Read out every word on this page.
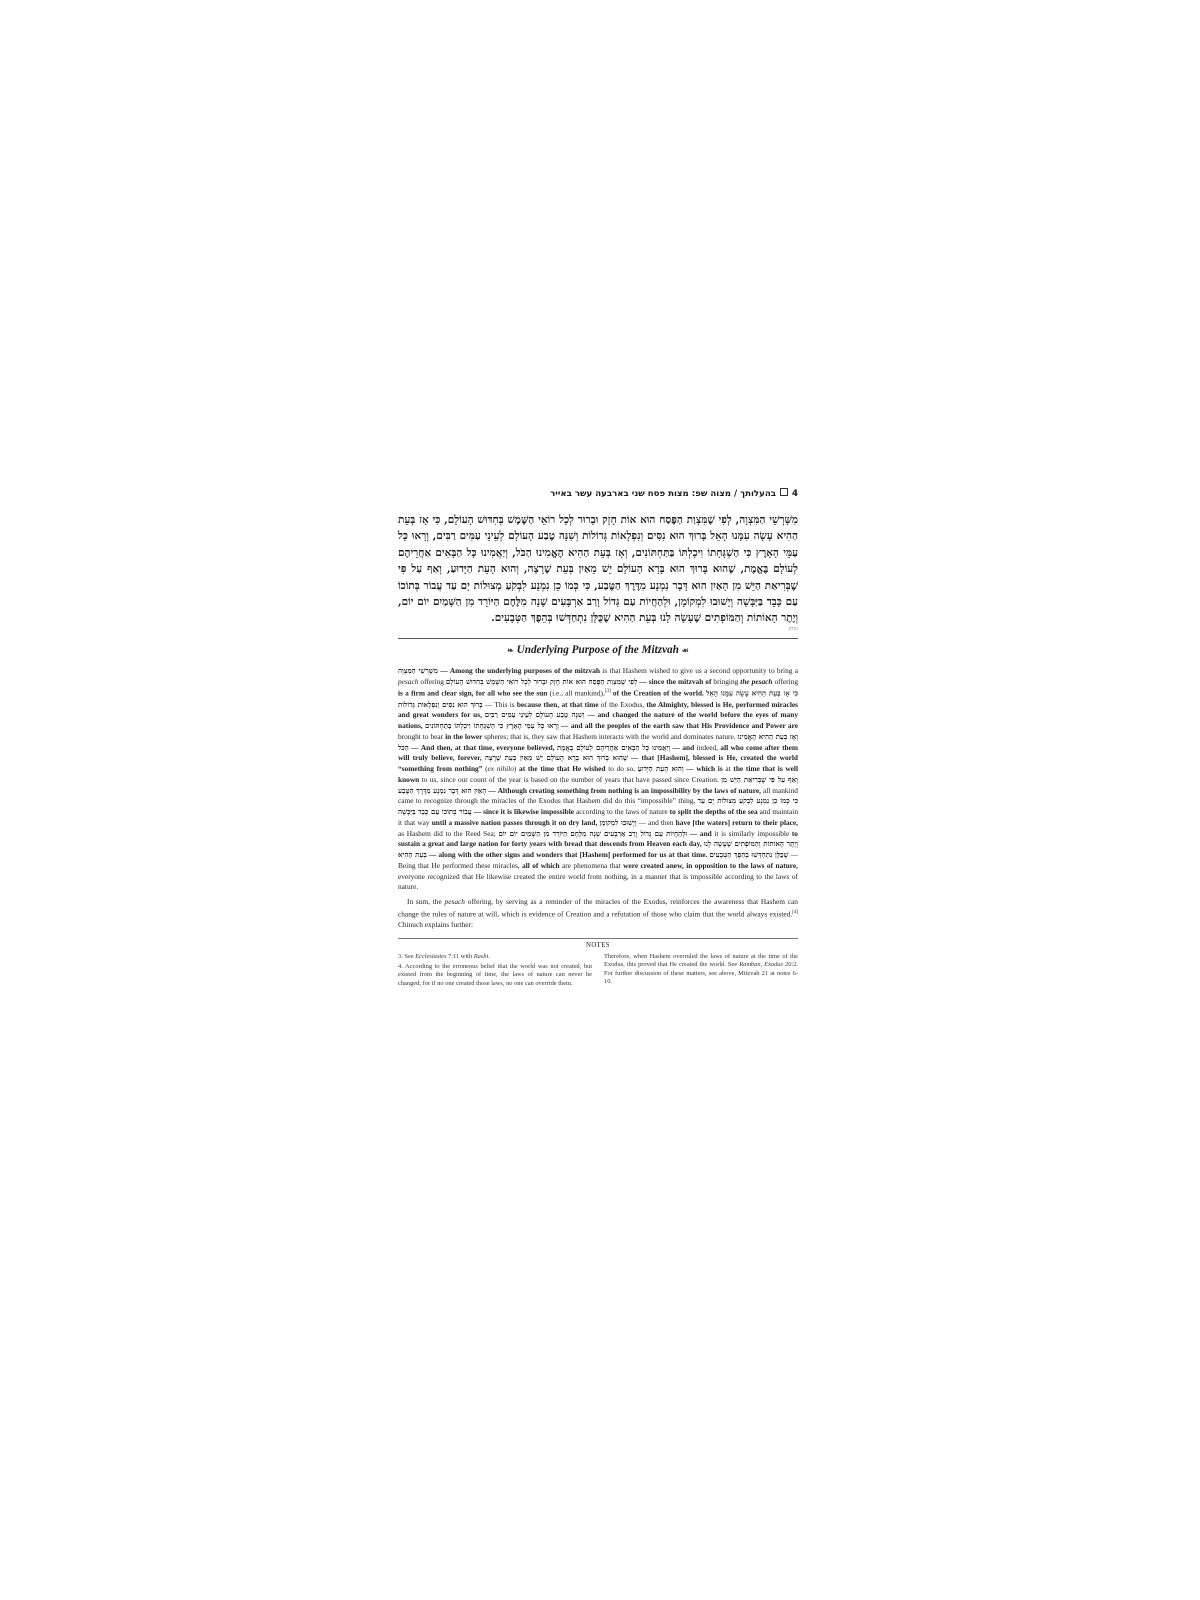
4בהעלותך / מצוה שפ: מצות פסח שני בארבעה עשר באייר
מִשָּׁרְשֵׁי הַמִּצְוָה, לְפִי שֶׁמִּצְוַת הַפֶּסַח הוּא אוֹת חָזָק וּבָרוּר לְכָל רוֹאֵי הַשֶּׁמֶשׁ בְּחִדּוּשׁ הָעוֹלָם, כִּי אָז בְּעֵת הַהִיא עָשָׂה עִמָּנוּ הָאֵל בָּרוּךְ הוּא נִסִּים וְנִפְלָאוֹת גְּדוֹלוֹת וְשִׁנָּה טֶבַע הָעוֹלָם לְעֵינֵי עַמִּים רַבִּים, וְרָאוּ כָּל עַמֵּי הָאָרֶץ כִּי הַשְׁגָּחָתוֹ וִיכָלְתּוֹ בַּתַּחְתּוֹנִים, וְאָז בְּעֵת הַהִיא הֶאֱמִינוּ הַכֹּל, וְיַאֲמִינוּ כָּל הַבָּאִים אַחֲרֵיהֶם לְעוֹלָם בֶּאֱמֶת, שֶׁהוּא בָּרוּךְ הוּא בָּרָא הָעוֹלָם יֵשׁ מֵאַיִן בְּעֵת שֶׁרָצָה, וְהוּא הָעֵת הַיָּדוּעַ, וְאַף עַל פִּי שֶׁבְּרִיאַת הַיֵּשׁ מִן הָאַיִן הוּא דָּבָר נִמְנָע מִדֶּרֶךְ הַטֶּבַע, כִּי כְּמוֹ כֵן נִמְנָע לִבְקֹעַ מְצוּלוֹת יָם עַד עֲבוֹר בְּתוֹכוֹ עַם כָּבֵד בַּיַּבָּשָׁה וְיָשׁוּבוּ לִמְקוֹמָן, וּלְהַחֲיוֹת עַם גָּדוֹל וָרַב אַרְבָּעִים שָׁנָה מִלֶּחֶם הַיּוֹרֵד מִן הַשָּׁמַיִם יוֹם יוֹם, וְיֶתֶר הָאוֹתוֹת וְהַמּוֹפְתִים שֶׁעָשָׂה לָנוּ בְּעֵת הַהִיא שֶׁכֻּלָּן נִתְחַדְּשׁוּ בְּהֵפֶךְ הַטְּבָעִים.
ונוהג
❧ Underlying Purpose of the Mitzvah ☙

מִשָּׁרְשֵׁי הַמִּצְוָה — Among the underlying purposes of the mitzvah is that Hashem wished to give us a second opportunity to bring a pesach offering לְפִי שֶׁמִּצְוַת הַפֶּסַח הוּא אוֹת חָזָק וּבָרוּר לְכָל רוֹאֵי הַשֶּׁמֶשׁ בְּחִדּוּשׁ הָעוֹלָם — since the mitzvah of bringing the pesach offering is a firm and clear sign, for all who see the sun (i.e., all mankind),[3] of the Creation of the world. כִּי אָז בְּעֵת הַהִיא עָשָׂה עִמָּנוּ הָאֵל בָּרוּךְ הוּא נִסִּים וְנִפְלָאוֹת גְּדוֹלוֹת — This is because then, at that time of the Exodus, the Almighty, blessed is He, performed miracles and great wonders for us, וְשִׁנָּה טֶבַע הָעוֹלָם לְעֵינֵי עַמִּים רַבִּים — and changed the nature of the world before the eyes of many nations, וְרָאוּ כָּל עַמֵּי הָאָרֶץ כִּי הַשְׁגָּחָתוֹ וִיכָלְתּוֹ בַּתַּחְתּוֹנִים — and all the peoples of the earth saw that His Providence and Power are brought to bear in the lower spheres; that is, they saw that Hashem interacts with the world and dominates nature. וְאָז בְּעֵת הַהִיא הֶאֱמִינוּ הַכֹּל — And then, at that time, everyone believed, וְיַאֲמִינוּ כָּל הַבָּאִים אַחֲרֵיהֶם לְעוֹלָם בֶּאֱמֶת — and indeed, all who come after them will truly believe, forever, שֶׁהוּא בָּרוּךְ הוּא בָּרָא הָעוֹלָם יֵשׁ מֵאַיִן בְּעֵת שֶׁרָצָה — that [Hashem], blessed is He, created the world “something from nothing” (ex nihilo) at the time that He wished to do so, וְהוּא הָעֵת הַיָּדוּעַ — which is at the time that is well known to us, since our count of the year is based on the number of years that have passed since Creation. וְאַף עַל פִּי שֶׁבְּרִיאַת הַיֵּשׁ מִן הָאַיִן הוּא דָּבָר נִמְנָע מִדֶּרֶךְ הַטֶּבַע — Although creating something from nothing is an impossibility by the laws of nature, all mankind came to recognize through the miracles of the Exodus that Hashem did do this “impossible” thing, כִּי כְּמוֹ כֵן נִמְנָע לִבְקֹעַ מְצוּלוֹת יָם עַד עֲבוֹר בְּתוֹכוֹ עַם כָּבֵד בַּיַּבָּשָׁה — since it is likewise impossible according to the laws of nature to split the depths of the sea and maintain it that way until a massive nation passes through it on dry land, וְיָשׁוּבוּ לִמְקוֹמָן — and then have [the waters] return to their place, as Hashem did to the Reed Sea; וּלְהַחֲיוֹת עַם גָּדוֹל וָרַב אַרְבָּעִים שָׁנָה מִלֶּחֶם הַיּוֹרֵד מִן הַשָּׁמַיִם יוֹם יוֹם — and it is similarly impossible to sustain a great and large nation for forty years with bread that descends from Heaven each day, וְיֶתֶר הָאוֹתוֹת וְהַמּוֹפְתִים שֶׁעָשָׂה לָנוּ בְּעֵת הַהִיא — along with the other signs and wonders that [Hashem] performed for us at that time. שֶׁכֻּלָּן נִתְחַדְּשׁוּ בְּהֵפֶךְ הַטְּבָעִים — Being that He performed these miracles, all of which are phenomena that were created anew, in opposition to the laws of nature, everyone recognized that He likewise created the entire world from nothing, in a manner that is impossible according to the laws of nature.

In sum, the pesach offering, by serving as a reminder of the miracles of the Exodus, reinforces the awareness that Hashem can change the rules of nature at will, which is evidence of Creation and a refutation of those who claim that the world always existed.[4] Chinuch explains further:

NOTES

3. See Ecclesiastes 7:11 with Rashi.

4. According to the erroneous belief that the world was not created, but existed from the beginning of time, the laws of nature can never be changed; for if no one created those laws, no one can override them.

Therefore, when Hashem overruled the laws of nature at the time of the Exodus, this proved that He created the world. See Ramban, Exodus 20:2. For further discussion of these matters, see above, Mitzvah 21 at notes 6-10.
